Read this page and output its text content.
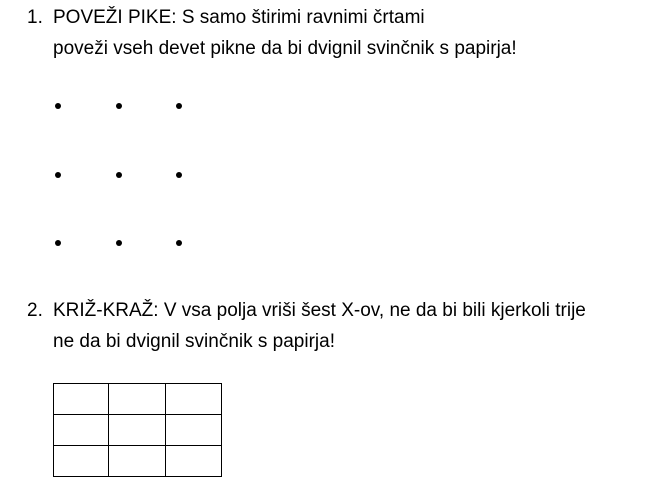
1. POVEŽI PIKE: S samo štirimi ravnimi črtami
poveži vseh devet pikne da bi dvignil svinčnik s papirja!
2. KRIŽ-KRAŽ: V vsa polja vriši šest X-ov, ne da bi bili kjerkoli trije
ne da bi dvignil svinčnik s papirja!
